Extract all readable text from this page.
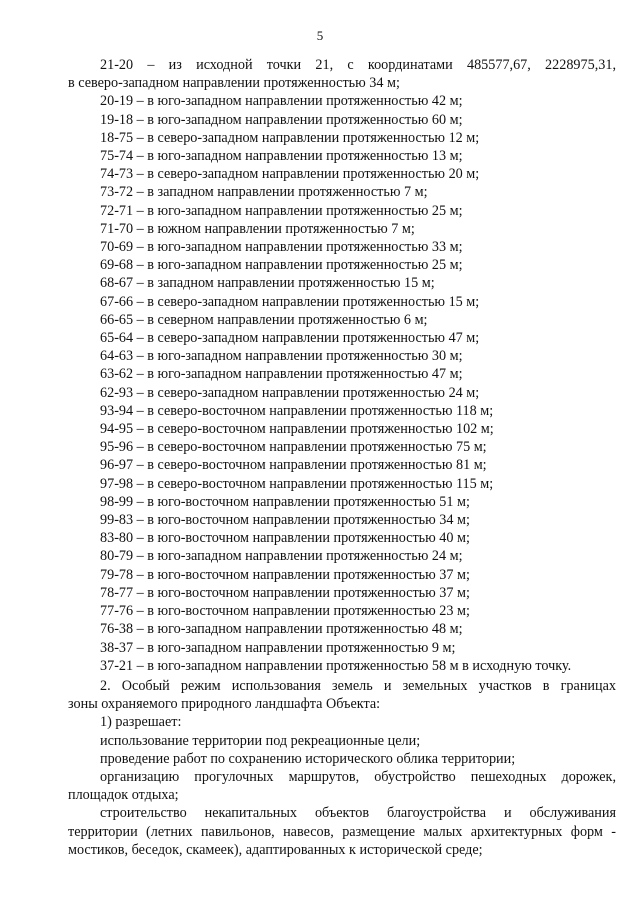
5
21-20 – из исходной точки 21, с координатами 485577,67, 2228975,31,
в северо-западном направлении протяженностью 34 м;
20-19 – в юго-западном направлении протяженностью 42 м;
19-18 – в юго-западном направлении протяженностью 60 м;
18-75 – в северо-западном направлении протяженностью 12 м;
75-74 – в юго-западном направлении протяженностью 13 м;
74-73 – в северо-западном направлении протяженностью 20 м;
73-72 – в западном направлении протяженностью 7 м;
72-71 – в юго-западном направлении протяженностью 25 м;
71-70 – в южном направлении протяженностью 7 м;
70-69 – в юго-западном направлении протяженностью 33 м;
69-68 – в юго-западном направлении протяженностью 25 м;
68-67 – в западном направлении протяженностью 15 м;
67-66 – в северо-западном направлении протяженностью 15 м;
66-65 – в северном направлении протяженностью 6 м;
65-64 – в северо-западном направлении протяженностью 47 м;
64-63 – в юго-западном направлении протяженностью 30 м;
63-62 – в юго-западном направлении протяженностью 47 м;
62-93 – в северо-западном направлении протяженностью 24 м;
93-94 – в северо-восточном направлении протяженностью 118 м;
94-95 – в северо-восточном направлении протяженностью 102 м;
95-96 – в северо-восточном направлении протяженностью 75 м;
96-97 – в северо-восточном направлении протяженностью 81 м;
97-98 – в северо-восточном направлении протяженностью 115 м;
98-99 – в юго-восточном направлении протяженностью 51 м;
99-83 – в юго-восточном направлении протяженностью 34 м;
83-80 – в юго-восточном направлении протяженностью 40 м;
80-79 – в юго-западном направлении протяженностью 24 м;
79-78 – в юго-восточном направлении протяженностью 37 м;
78-77 – в юго-восточном направлении протяженностью 37 м;
77-76 – в юго-восточном направлении протяженностью 23 м;
76-38 – в юго-западном направлении протяженностью 48 м;
38-37 – в юго-западном направлении протяженностью 9 м;
37-21 – в юго-западном направлении протяженностью 58 м в исходную точку.
2. Особый режим использования земель и земельных участков в границах
зоны охраняемого природного ландшафта Объекта:
1) разрешает:
использование территории под рекреационные цели;
проведение работ по сохранению исторического облика территории;
организацию прогулочных маршрутов, обустройство пешеходных дорожек,
площадок отдыха;
строительство некапитальных объектов благоустройства и обслуживания
территории (летних павильонов, навесов, размещение малых архитектурных форм -
мостиков, беседок, скамеек), адаптированных к исторической среде;
